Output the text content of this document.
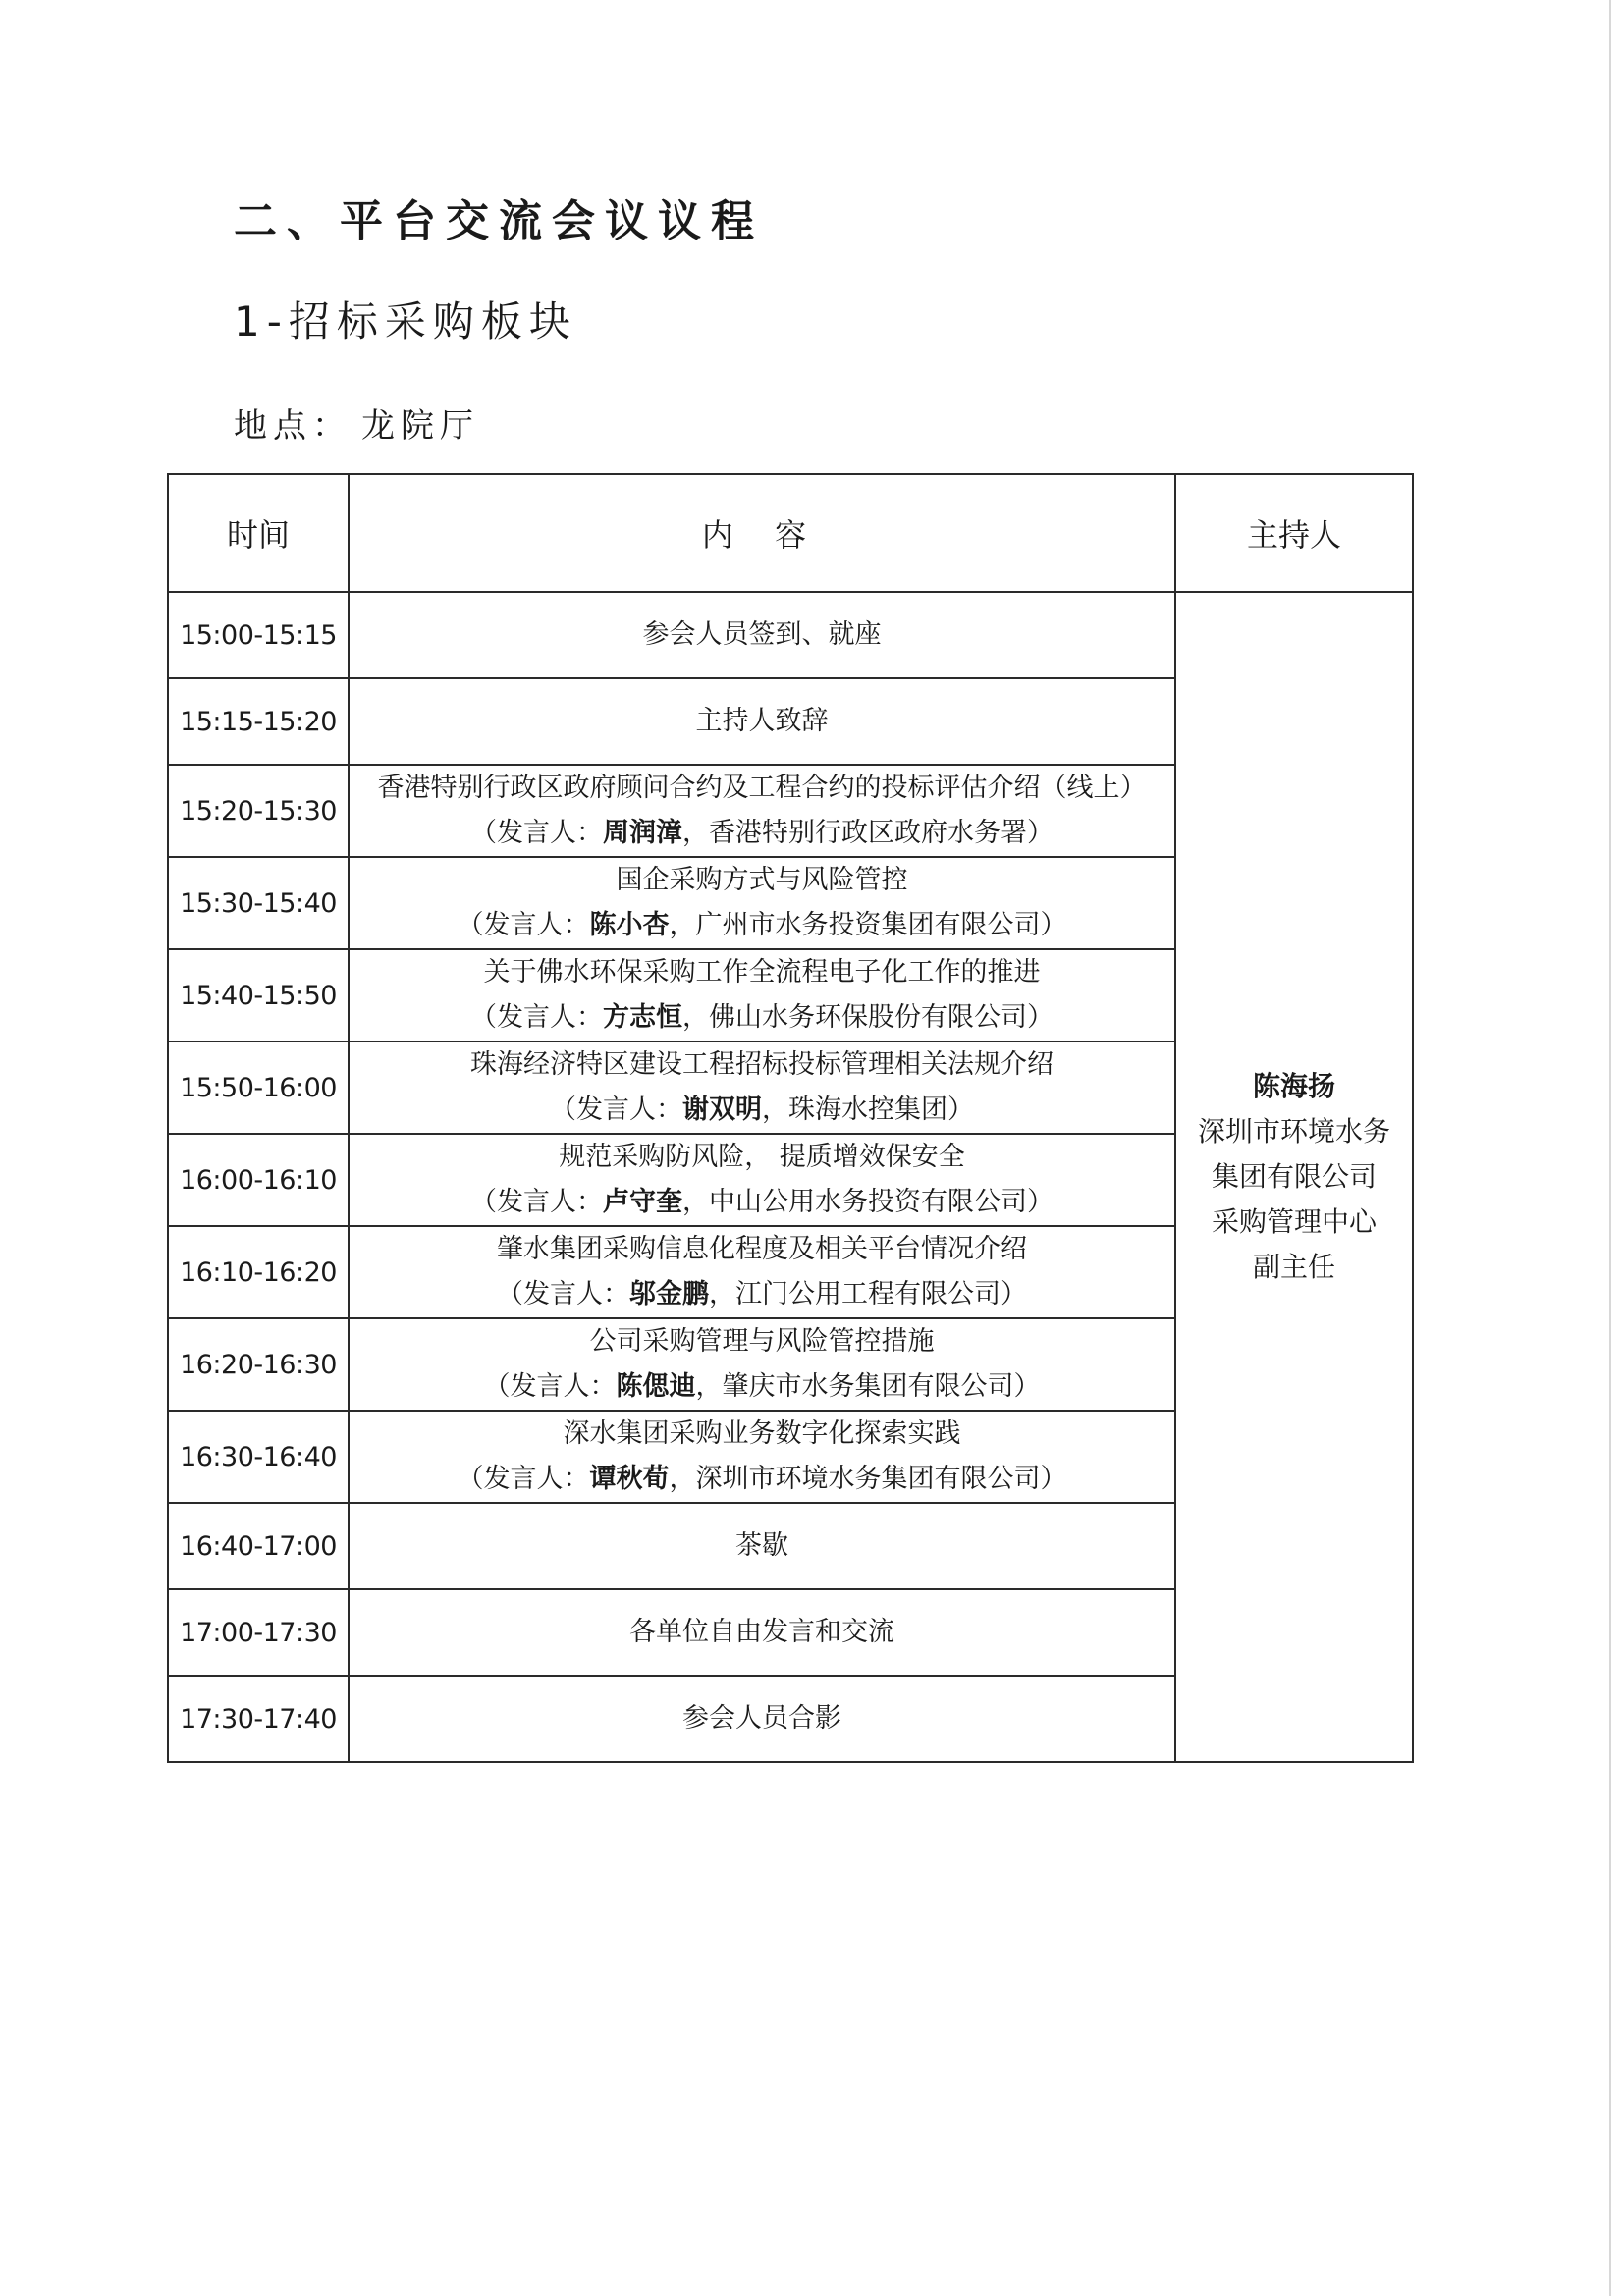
二、平台交流会议议程
1-招标采购板块
地点： 龙院厅
时间	内 容	主持人
15:00-15:15	参会人员签到、就座	陈海扬
深圳市环境水务
集团有限公司
采购管理中心
副主任

15:15-15:20	主持人致辞	
15:20-15:30	香港特别行政区政府顾问合约及工程合约的投标评估介绍（线上）
（发言人：周润漳，香港特别行政区政府水务署）	

15:30-15:40	国企采购方式与风险管控
（发言人：陈小杏，广州市水务投资集团有限公司）	

15:40-15:50	关于佛水环保采购工作全流程电子化工作的推进
（发言人：方志恒，佛山水务环保股份有限公司）	

15:50-16:00	珠海经济特区建设工程招标投标管理相关法规介绍
（发言人：谢双明，珠海水控集团）	

16:00-16:10	规范采购防风险， 提质增效保安全
（发言人：卢守奎，中山公用水务投资有限公司）	

16:10-16:20	肇水集团采购信息化程度及相关平台情况介绍
（发言人：邬金鹏，江门公用工程有限公司）	

16:20-16:30	公司采购管理与风险管控措施
（发言人：陈偲迪，肇庆市水务集团有限公司）	

16:30-16:40	深水集团采购业务数字化探索实践
（发言人：谭秋荀，深圳市环境水务集团有限公司）	

16:40-17:00	茶歇	
17:00-17:30	各单位自由发言和交流	
17:30-17:40	参会人员合影	
